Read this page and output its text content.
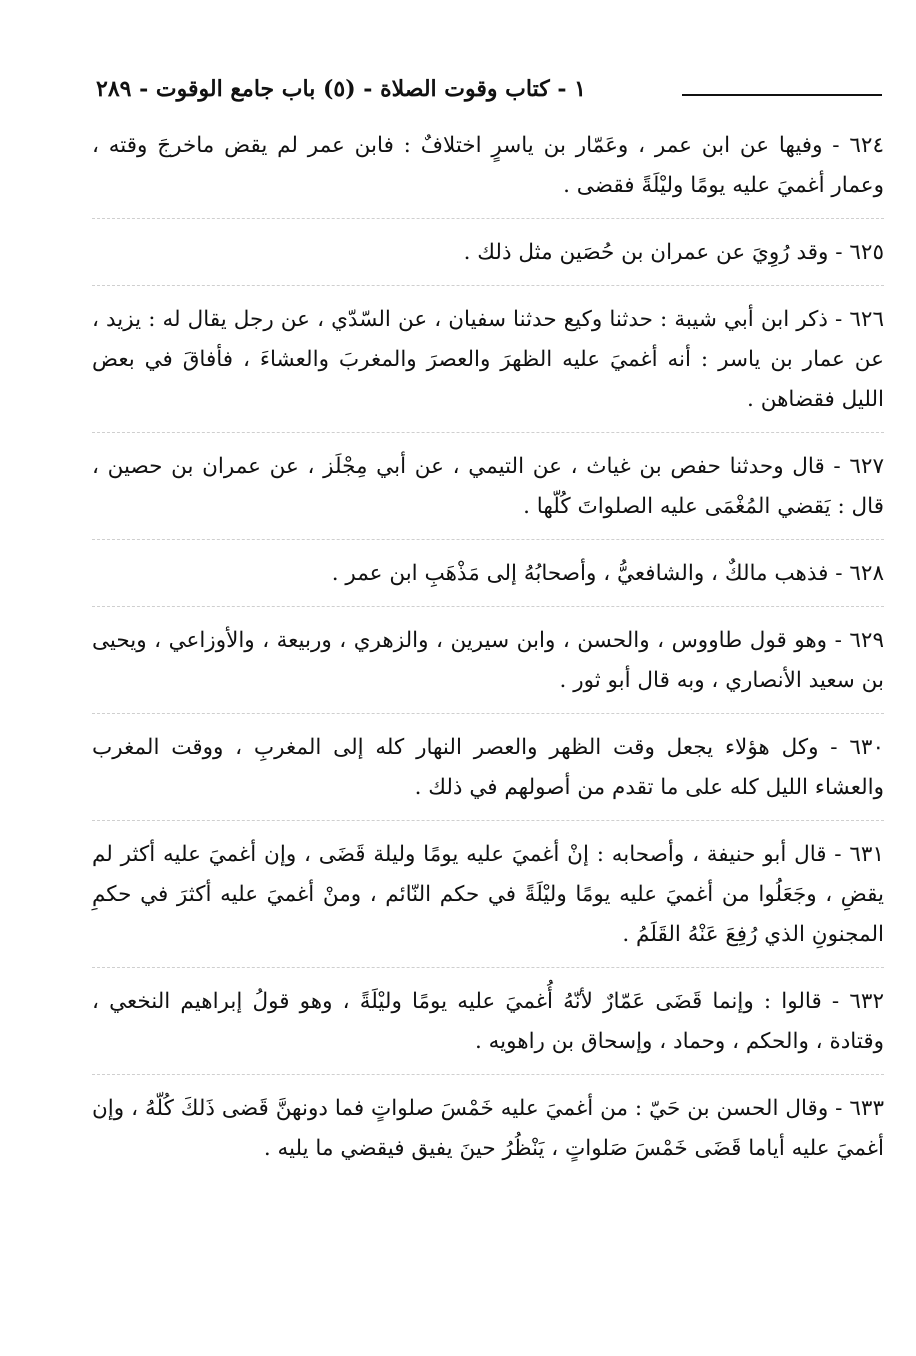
١ - كتاب وقوت الصلاة - (٥) باب جامع الوقوت - ٢٨٩

٦٢٤ - وفيها عن ابن عمر ، وعَمّار بن ياسرٍ اختلافٌ : فابن عمر لم يقض ماخرجَ وقته ، وعمار أغميَ عليه يومًا وليْلَةً فقضى .

٦٢٥ - وقد رُوِيَ عن عمران بن حُصَين مثل ذلك .

٦٢٦ - ذكر ابن أبي شيبة : حدثنا وكيع حدثنا سفيان ، عن السّدّي ، عن رجل يقال له : يزيد ، عن عمار بن ياسر : أنه أغميَ عليه الظهرَ والعصرَ والمغربَ والعشاءَ ، فأفاقَ في بعض الليل فقضاهن .

٦٢٧ - قال وحدثنا حفص بن غياث ، عن التيمي ، عن أبي مِجْلَز ، عن عمران بن حصين ، قال : يَقضي المُغْمَى عليه الصلواتَ كُلّها .

٦٢٨ - فذهب مالكٌ ، والشافعيُّ ، وأصحابُهُ إلى مَذْهَبِ ابن عمر .

٦٢٩ - وهو قول طاووس ، والحسن ، وابن سيرين ، والزهري ، وربيعة ، والأوزاعي ، ويحيى بن سعيد الأنصاري ، وبه قال أبو ثور .

٦٣٠ - وكل هؤلاء يجعل وقت الظهر والعصر النهار كله إلى المغربِ ، ووقت المغرب والعشاء الليل كله على ما تقدم من أصولهم في ذلك .

٦٣١ - قال أبو حنيفة ، وأصحابه : إنْ أغميَ عليه يومًا وليلة قَضَى ، وإن أغميَ عليه أكثر لم يقضِ ، وجَعَلُوا من أغميَ عليه يومًا وليْلَةً في حكم النّائم ، ومنْ أغميَ عليه أكثرَ في حكمِ المجنونِ الذي رُفِعَ عَنْهُ القَلَمُ .

٦٣٢ - قالوا : وإنما قَضَى عَمّارٌ لأنّهُ أُغميَ عليه يومًا وليْلَةً ، وهو قولُ إبراهيم النخعي ، وقتادة ، والحكم ، وحماد ، وإسحاق بن راهويه .

٦٣٣ - وقال الحسن بن حَيّ : من أغميَ عليه خَمْسَ صلواتٍ فما دونهنَّ قَضى ذَلكَ كُلّهُ ، وإن أغميَ عليه أياما قَضَى خَمْسَ صَلواتٍ ، يَنْظُرُ حينَ يفيق فيقضي ما يليه .
